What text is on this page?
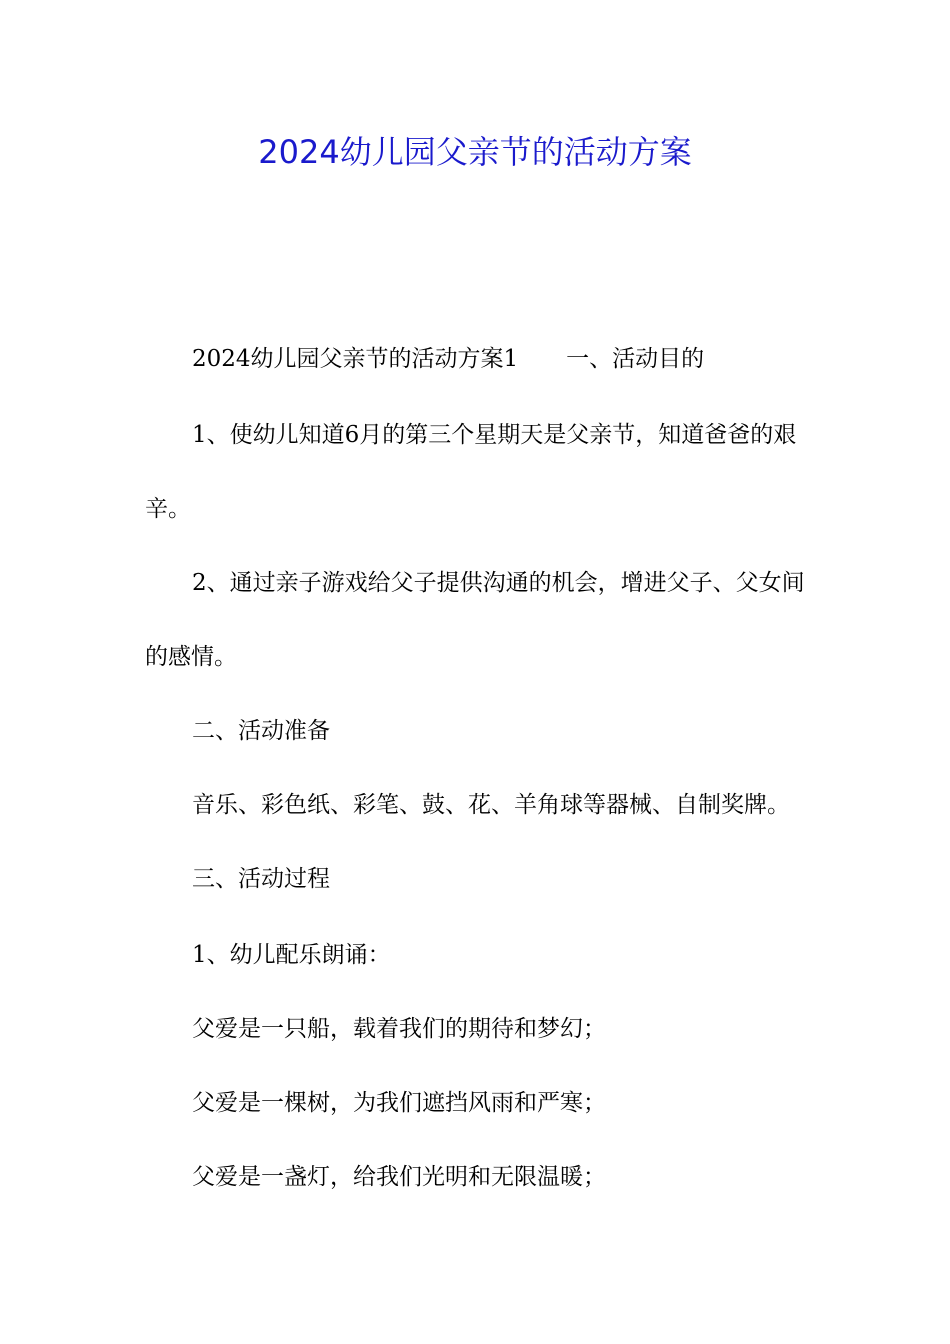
2024幼儿园父亲节的活动方案

2024幼儿园父亲节的活动方案1 一、活动目的

1、使幼儿知道6月的第三个星期天是父亲节，知道爸爸的艰辛。

2、通过亲子游戏给父子提供沟通的机会，增进父子、父女间的感情。

二、活动准备

音乐、彩色纸、彩笔、鼓、花、羊角球等器械、自制奖牌。

三、活动过程

1、幼儿配乐朗诵：

父爱是一只船，载着我们的期待和梦幻；

父爱是一棵树，为我们遮挡风雨和严寒；

父爱是一盏灯，给我们光明和无限温暖；
